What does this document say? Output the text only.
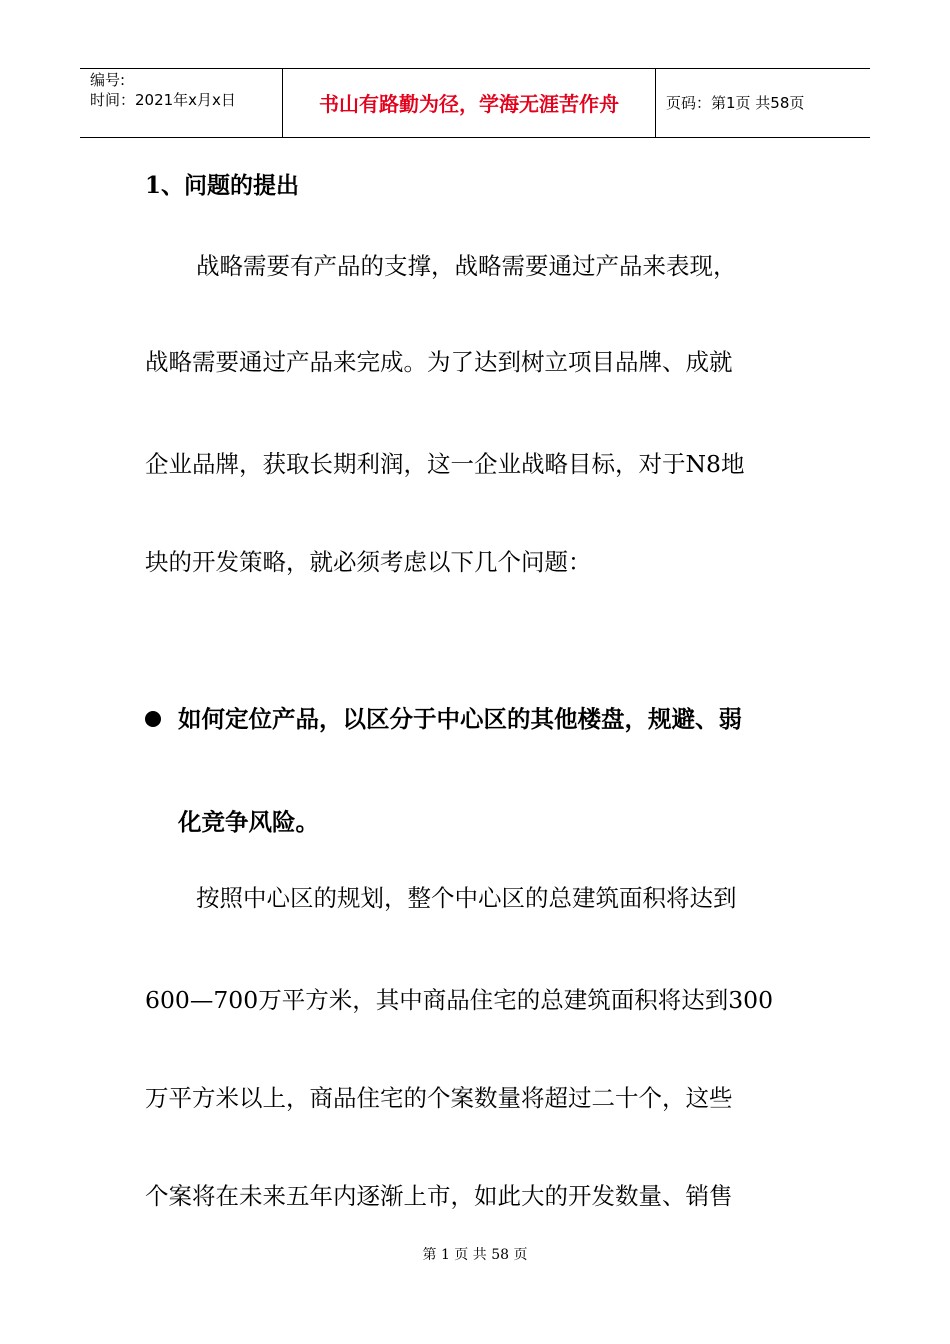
编号:
时间：2021年x月x日	书山有路勤为径，学海无涯苦作舟	页码：第1页 共58页
1、问题的提出
战略需要有产品的支撑，战略需要通过产品来表现，
战略需要通过产品来完成。为了达到树立项目品牌、成就
企业品牌，获取长期利润，这一企业战略目标，对于N8地
块的开发策略，就必须考虑以下几个问题：
如何定位产品，以区分于中心区的其他楼盘，规避、弱
化竞争风险。
按照中心区的规划，整个中心区的总建筑面积将达到
600—700万平方米，其中商品住宅的总建筑面积将达到300
万平方米以上，商品住宅的个案数量将超过二十个，这些
个案将在未来五年内逐渐上市，如此大的开发数量、销售
第 1 页 共 58 页
